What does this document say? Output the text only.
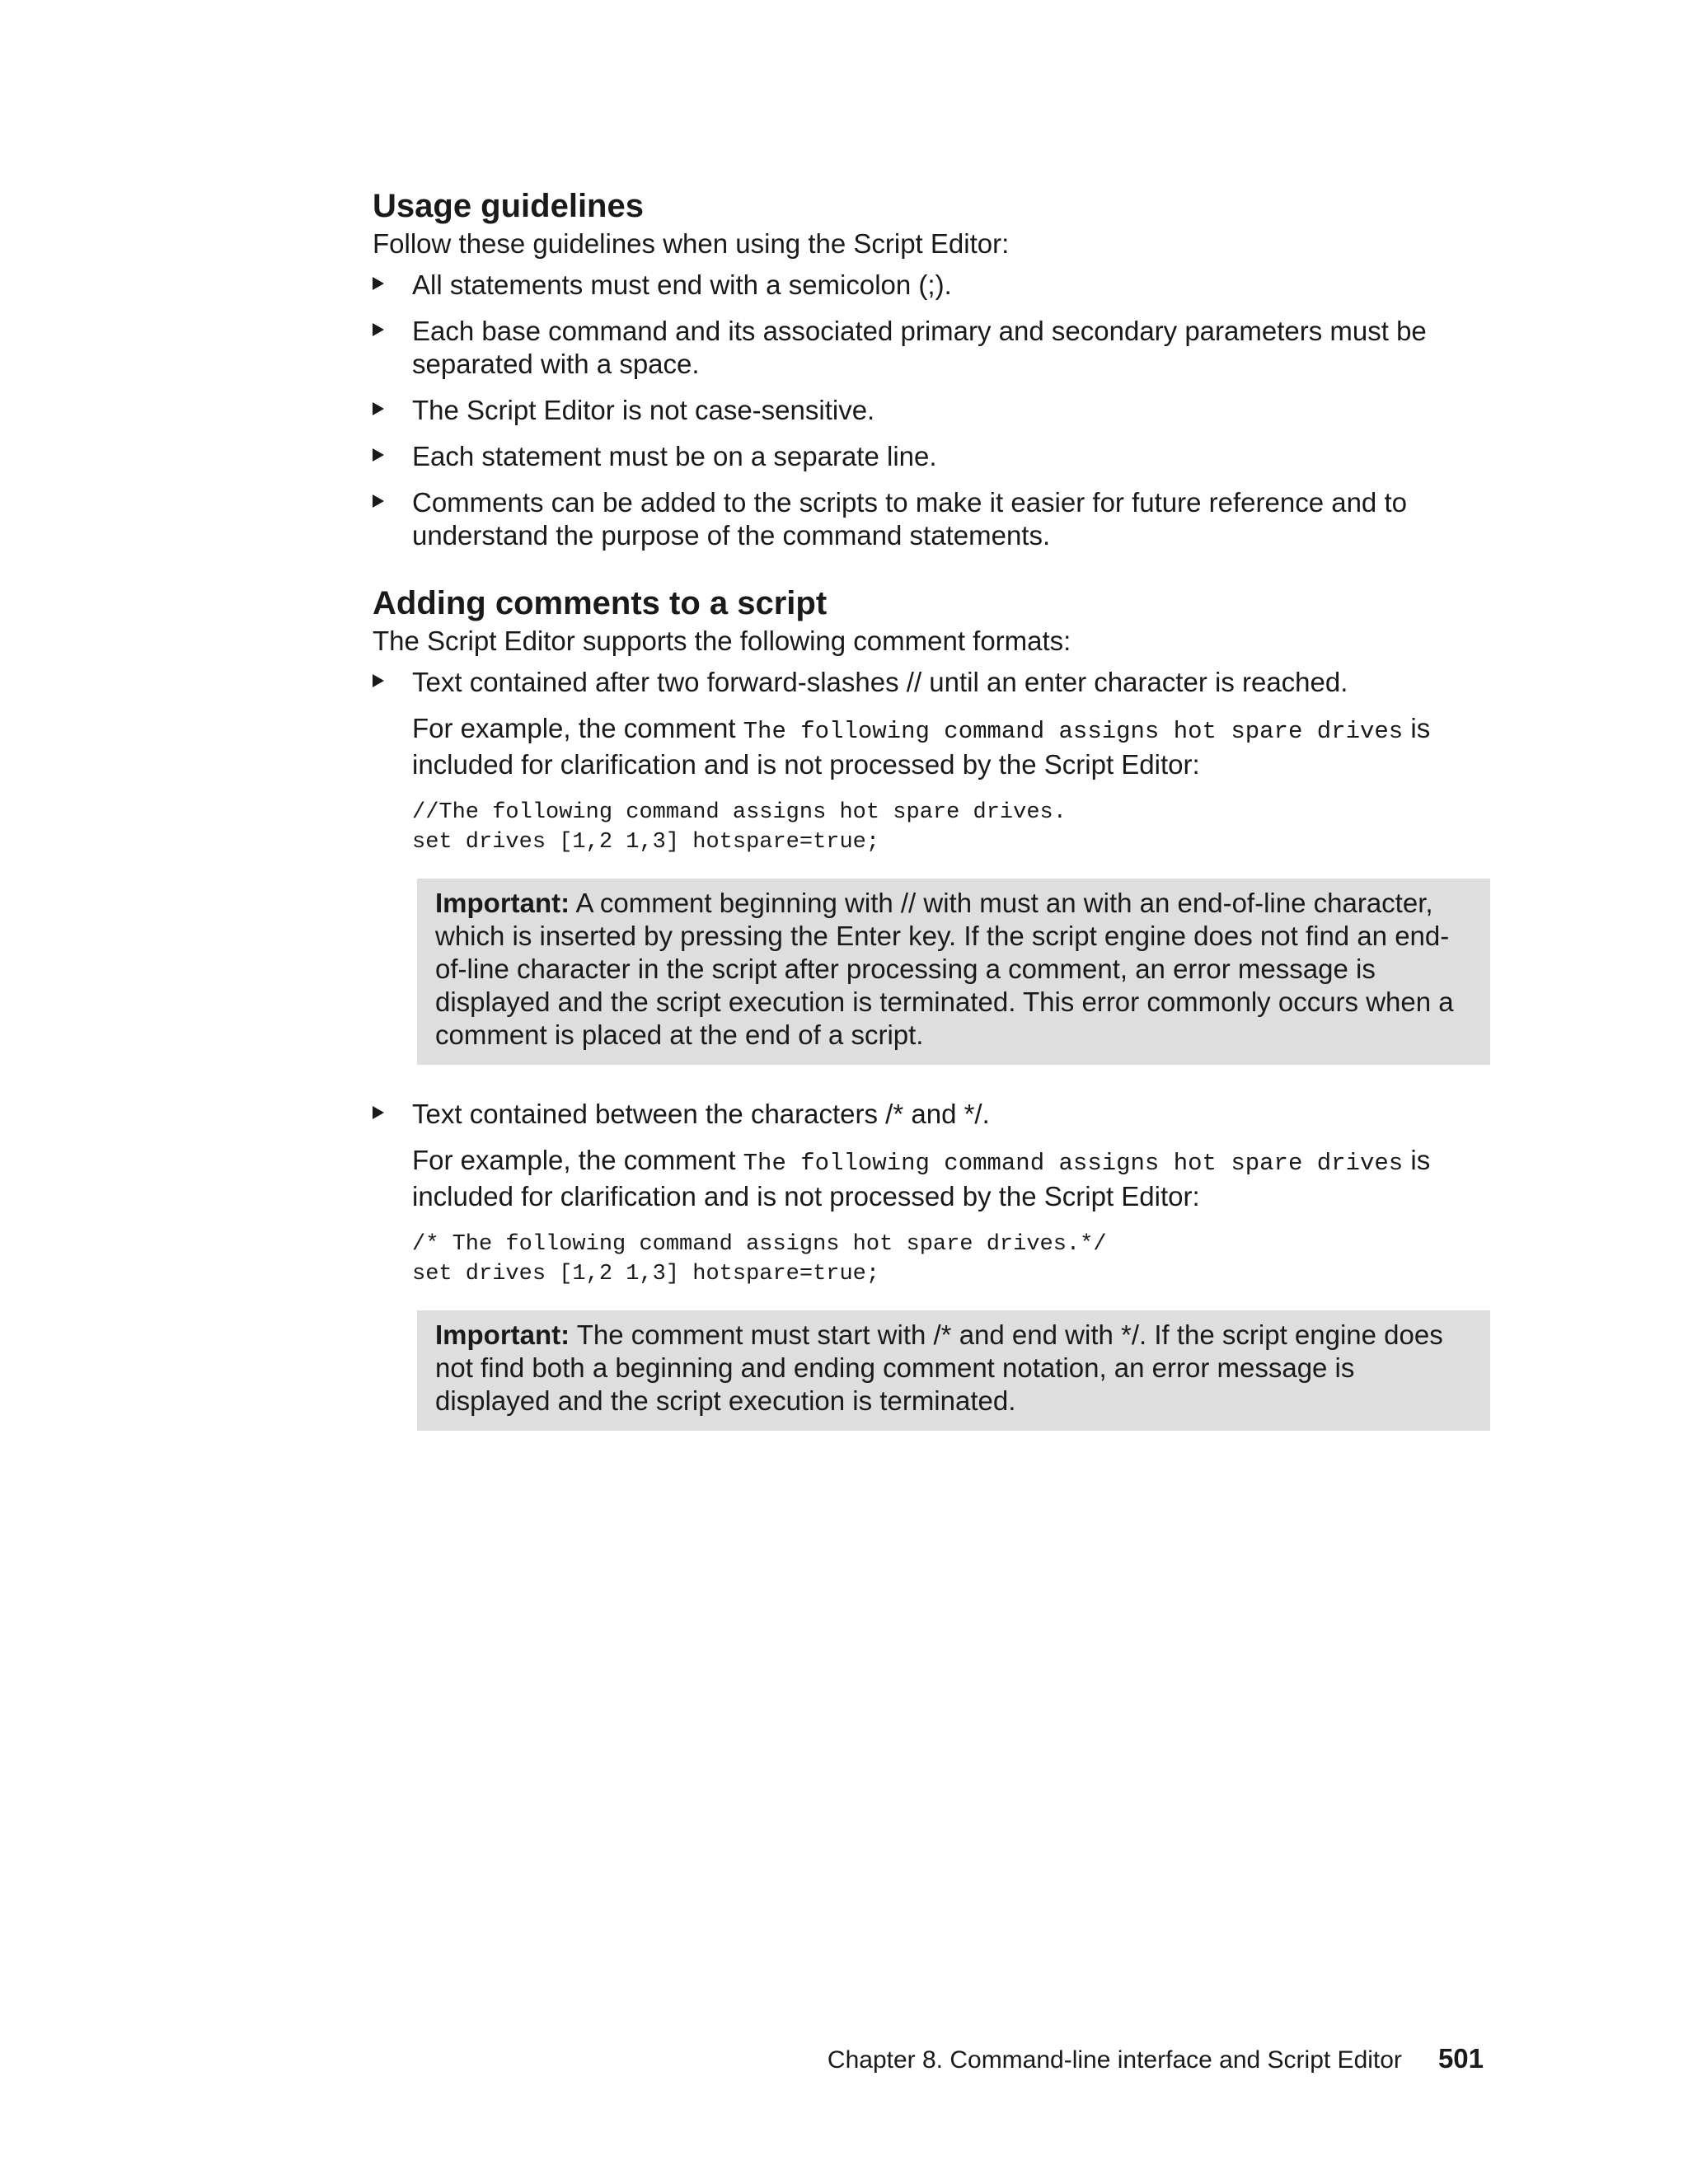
Usage guidelines

Follow these guidelines when using the Script Editor:

All statements must end with a semicolon (;).
Each base command and its associated primary and secondary parameters must be separated with a space.
The Script Editor is not case-sensitive.
Each statement must be on a separate line.
Comments can be added to the scripts to make it easier for future reference and to understand the purpose of the command statements.
Adding comments to a script

The Script Editor supports the following comment formats:

Text contained after two forward-slashes // until an enter character is reached.

For example, the comment The following command assigns hot spare drives is included for clarification and is not processed by the Script Editor:

//The following command assigns hot spare drives.
set drives [1,2 1,3] hotspare=true;
Important: A comment beginning with // with must an with an end-of-line character, which is inserted by pressing the Enter key. If the script engine does not find an end-of-line character in the script after processing a comment, an error message is displayed and the script execution is terminated. This error commonly occurs when a comment is placed at the end of a script.
Text contained between the characters /* and */.

For example, the comment The following command assigns hot spare drives is included for clarification and is not processed by the Script Editor:

/* The following command assigns hot spare drives.*/
set drives [1,2 1,3] hotspare=true;
Important: The comment must start with /* and end with */. If the script engine does not find both a beginning and ending comment notation, an error message is displayed and the script execution is terminated.
Chapter 8. Command-line interface and Script Editor 501
